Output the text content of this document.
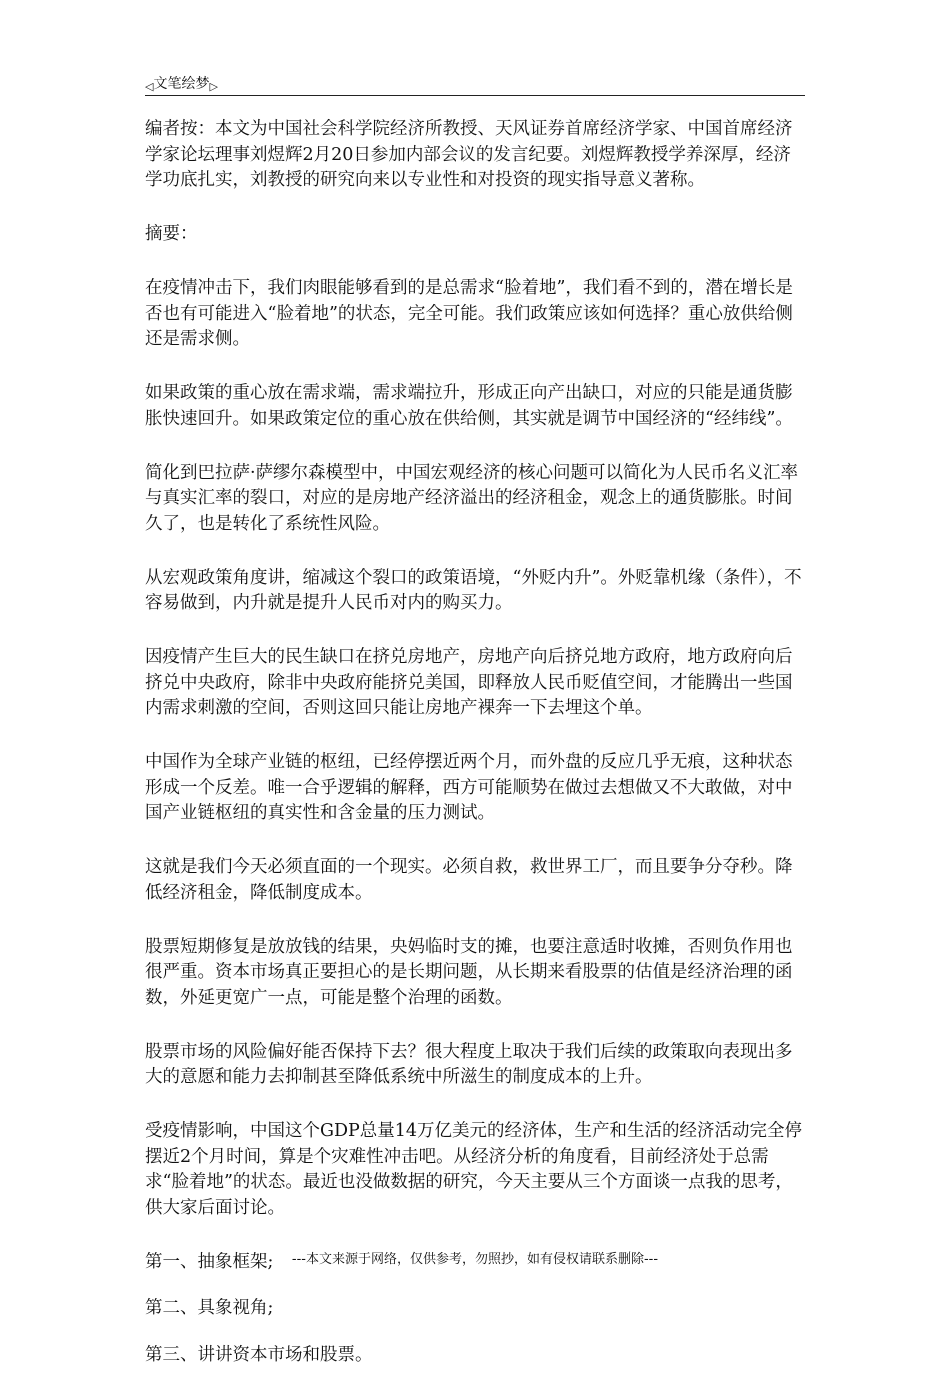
◁ 文笔绘梦 ▷

编者按：本文为中国社会科学院经济所教授、天风证券首席经济学家、中国首席经济学家论坛理事刘煜辉2月20日参加内部会议的发言纪要。刘煜辉教授学养深厚，经济学功底扎实，刘教授的研究向来以专业性和对投资的现实指导意义著称。

摘要：

在疫情冲击下，我们肉眼能够看到的是总需求“脸着地”，我们看不到的，潜在增长是否也有可能进入“脸着地”的状态，完全可能。我们政策应该如何选择？重心放供给侧还是需求侧。

如果政策的重心放在需求端，需求端拉升，形成正向产出缺口，对应的只能是通货膨胀快速回升。如果政策定位的重心放在供给侧，其实就是调节中国经济的“经纬线”。

简化到巴拉萨·萨缪尔森模型中，中国宏观经济的核心问题可以简化为人民币名义汇率与真实汇率的裂口，对应的是房地产经济溢出的经济租金，观念上的通货膨胀。时间久了，也是转化了系统性风险。

从宏观政策角度讲，缩减这个裂口的政策语境，“外贬内升”。外贬靠机缘（条件），不容易做到，内升就是提升人民币对内的购买力。

因疫情产生巨大的民生缺口在挤兑房地产，房地产向后挤兑地方政府，地方政府向后挤兑中央政府，除非中央政府能挤兑美国，即释放人民币贬值空间，才能腾出一些国内需求刺激的空间，否则这回只能让房地产裸奔一下去埋这个单。

中国作为全球产业链的枢纽，已经停摆近两个月，而外盘的反应几乎无痕，这种状态形成一个反差。唯一合乎逻辑的解释，西方可能顺势在做过去想做又不大敢做，对中国产业链枢纽的真实性和含金量的压力测试。

这就是我们今天必须直面的一个现实。必须自救，救世界工厂，而且要争分夺秒。降低经济租金，降低制度成本。

股票短期修复是放放钱的结果，央妈临时支的摊，也要注意适时收摊，否则负作用也很严重。资本市场真正要担心的是长期问题，从长期来看股票的估值是经济治理的函数，外延更宽广一点，可能是整个治理的函数。

股票市场的风险偏好能否保持下去？很大程度上取决于我们后续的政策取向表现出多大的意愿和能力去抑制甚至降低系统中所滋生的制度成本的上升。

受疫情影响，中国这个GDP总量14万亿美元的经济体，生产和生活的经济活动完全停摆近2个月时间，算是个灾难性冲击吧。从经济分析的角度看，目前经济处于总需求“脸着地”的状态。最近也没做数据的研究，今天主要从三个方面谈一点我的思考，供大家后面讨论。

第一、抽象框架;

第二、具象视角;

第三、讲讲资本市场和股票。

---本文来源于网络，仅供参考，勿照抄，如有侵权请联系删除---
